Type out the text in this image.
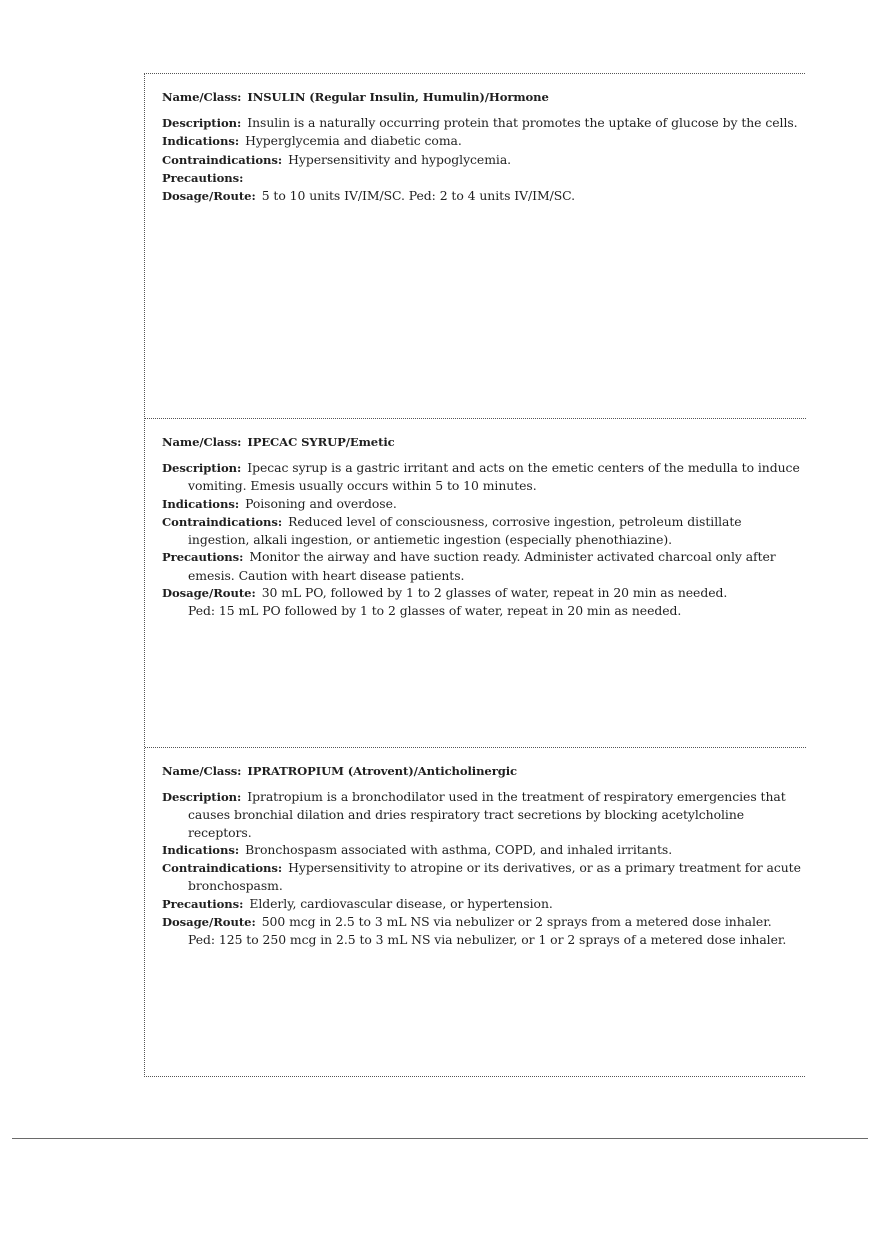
Name/Class: INSULIN (Regular Insulin, Humulin)/Hormone

Description: Insulin is a naturally occurring protein that promotes the uptake of glucose by the cells.

Indications: Hyperglycemia and diabetic coma.

Contraindications: Hypersensitivity and hypoglycemia.

Precautions:

Dosage/Route: 5 to 10 units IV/IM/SC. Ped: 2 to 4 units IV/IM/SC.

Name/Class: IPECAC SYRUP/Emetic

Description: Ipecac syrup is a gastric irritant and acts on the emetic centers of the medulla to induce vomiting. Emesis usually occurs within 5 to 10 minutes.

Indications: Poisoning and overdose.

Contraindications: Reduced level of consciousness, corrosive ingestion, petroleum distillate ingestion, alkali ingestion, or antiemetic ingestion (especially phenothiazine).

Precautions: Monitor the airway and have suction ready. Administer activated charcoal only after emesis. Caution with heart disease patients.

Dosage/Route: 30 mL PO, followed by 1 to 2 glasses of water, repeat in 20 min as needed.
Ped: 15 mL PO followed by 1 to 2 glasses of water, repeat in 20 min as needed.

Name/Class: IPRATROPIUM (Atrovent)/Anticholinergic

Description: Ipratropium is a bronchodilator used in the treatment of respiratory emergencies that causes bronchial dilation and dries respiratory tract secretions by blocking acetylcholine receptors.

Indications: Bronchospasm associated with asthma, COPD, and inhaled irritants.

Contraindications: Hypersensitivity to atropine or its derivatives, or as a primary treatment for acute bronchospasm.

Precautions: Elderly, cardiovascular disease, or hypertension.

Dosage/Route: 500 mcg in 2.5 to 3 mL NS via nebulizer or 2 sprays from a metered dose inhaler.
Ped: 125 to 250 mcg in 2.5 to 3 mL NS via nebulizer, or 1 or 2 sprays of a metered dose inhaler.
